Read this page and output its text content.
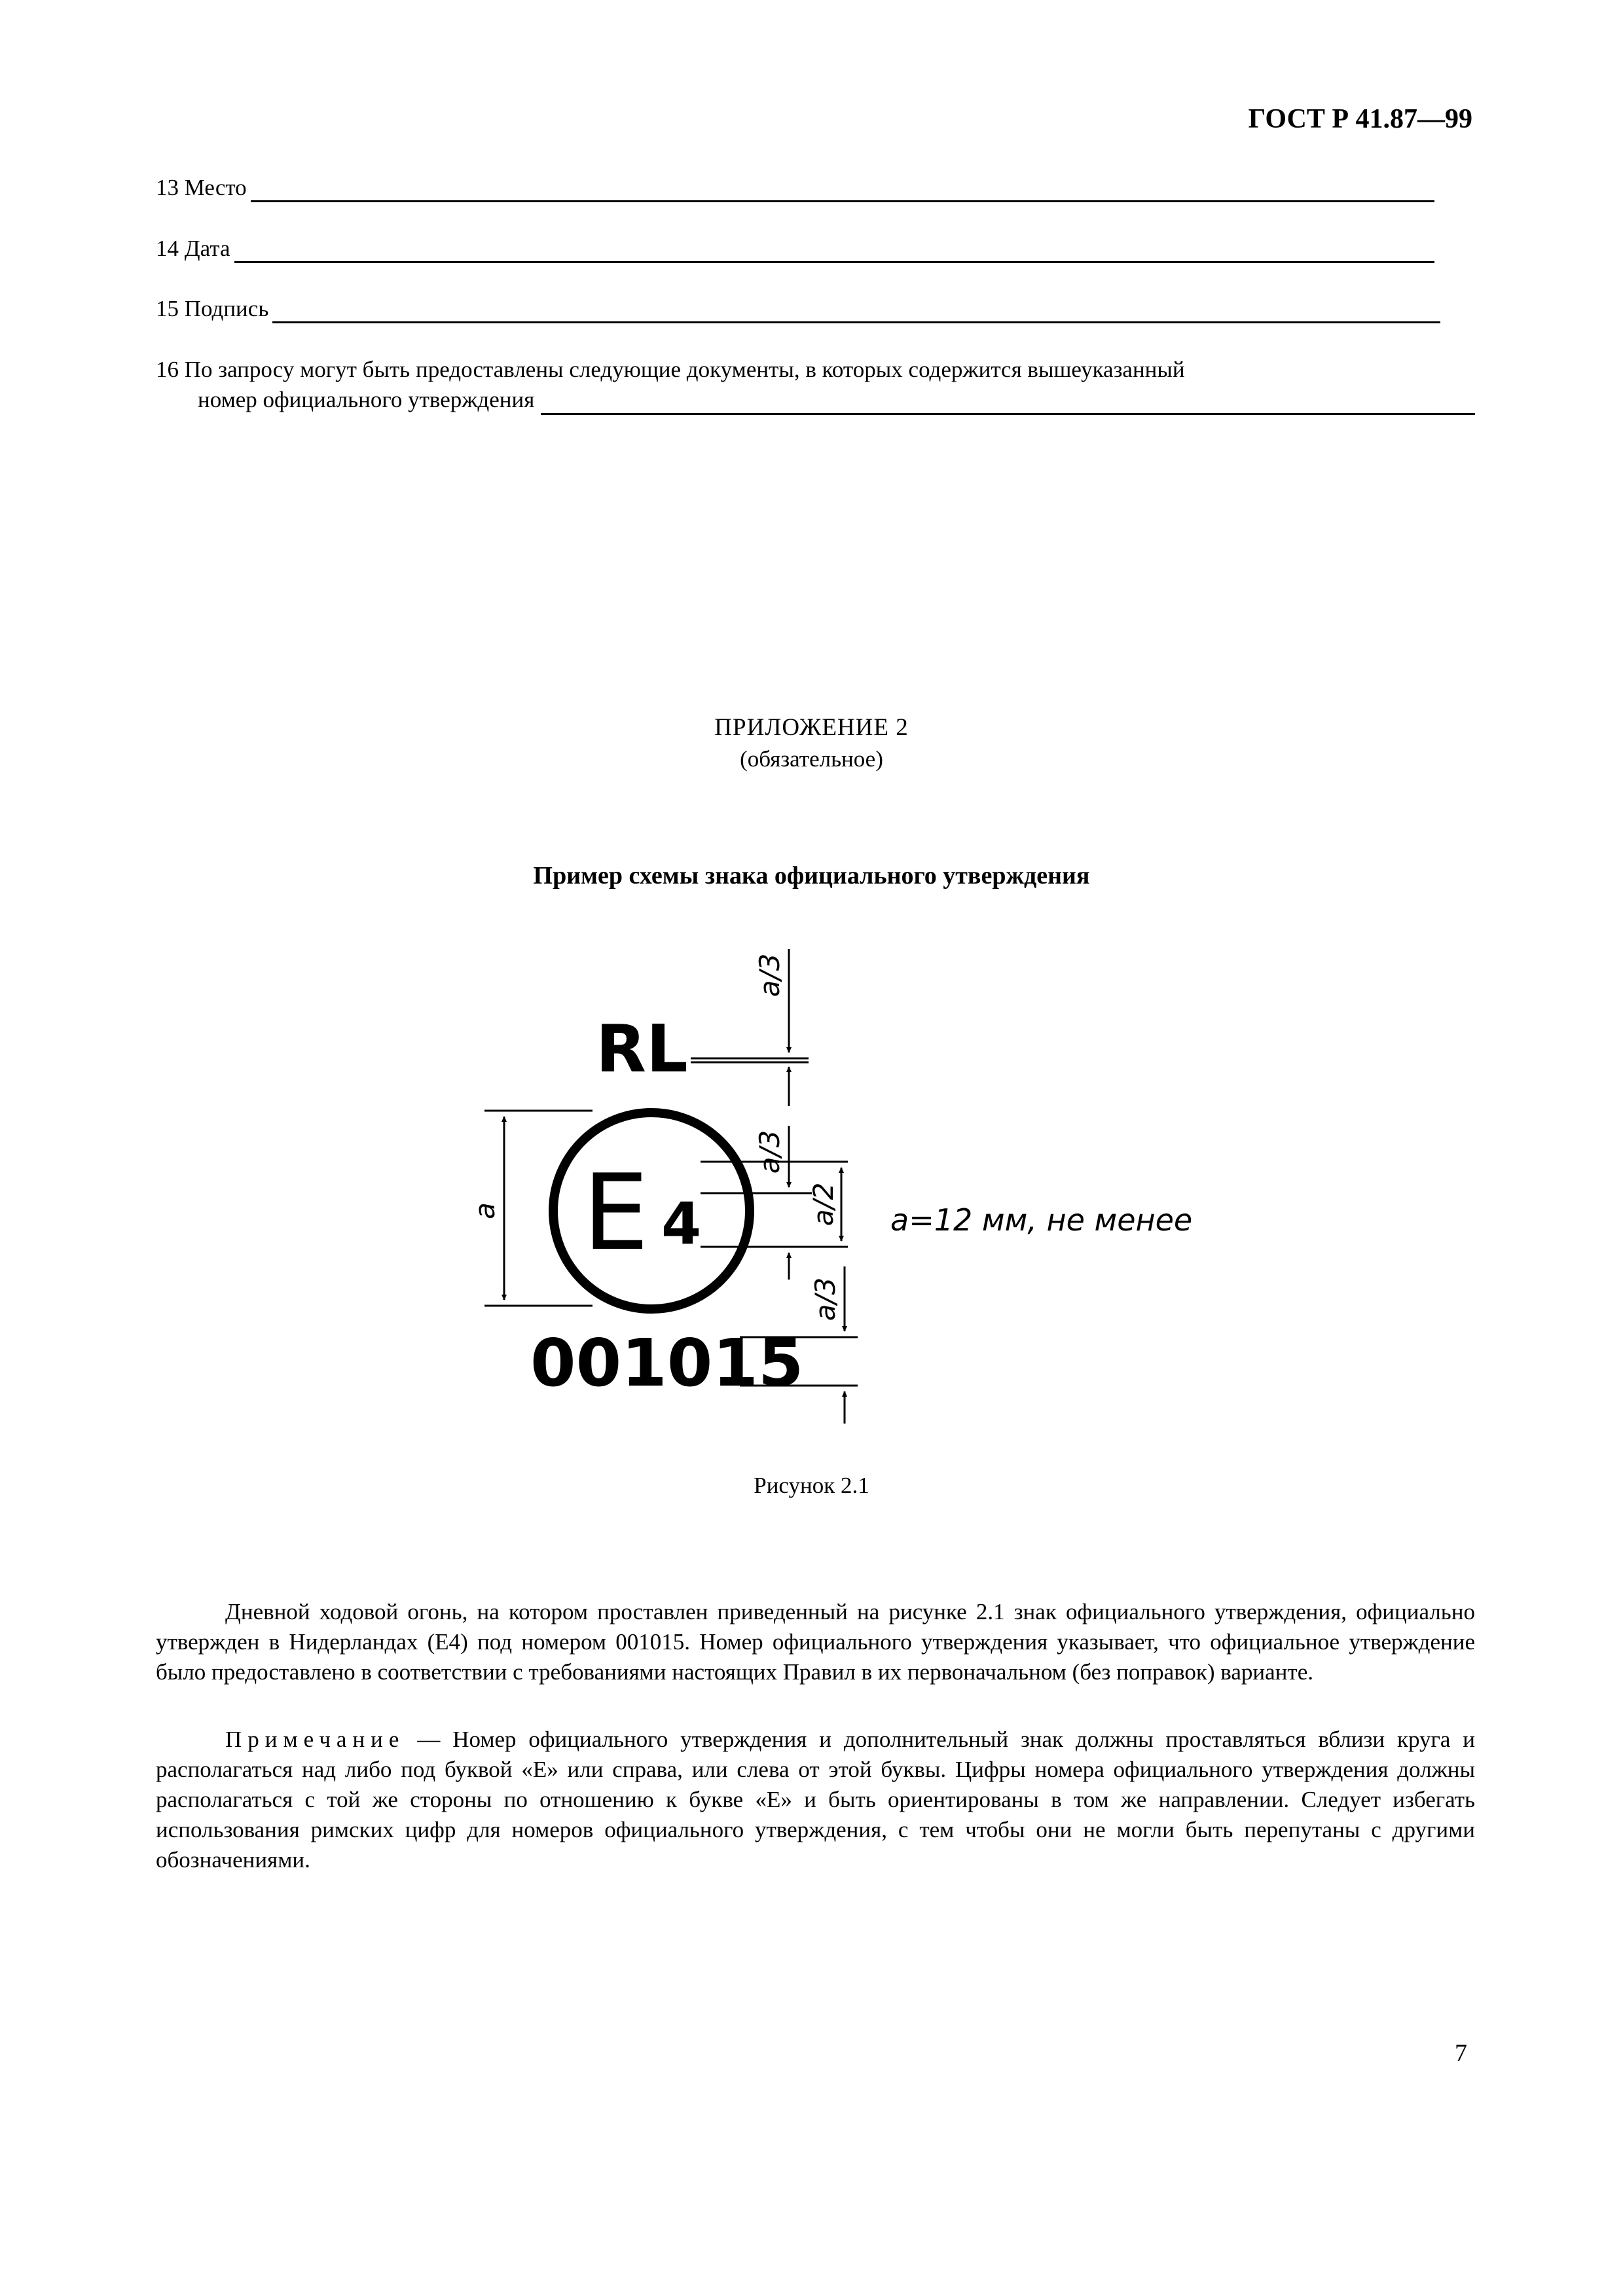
ГОСТ Р 41.87—99
13
Место
14
Дата
15
Подпись
16 По запросу могут быть предоставлены следующие документы, в которых содержится вышеуказанный
номер официального утверждения
ПРИЛОЖЕНИЕ 2
(обязательное)
Пример схемы знака официального утверждения
RL
E 4
001015
a=12 мм, не менее
a
a/3
a/3
a/2
a/3
Рисунок 2.1
Дневной ходовой огонь, на котором проставлен приведенный на рисунке 2.1 знак официального утверждения, официально утвержден в Нидерландах (E4) под номером 001015. Номер официального утверждения указывает, что официальное утверждение было предоставлено в соответствии с требованиями настоящих Правил в их первоначальном (без поправок) варианте.
Примечание — Номер официального утверждения и дополнительный знак должны проставляться вблизи круга и располагаться над либо под буквой «E» или справа, или слева от этой буквы. Цифры номера официального утверждения должны располагаться с той же стороны по отношению к букве «E» и быть ориентированы в том же направлении. Следует избегать использования римских цифр для номеров официального утверждения, с тем чтобы они не могли быть перепутаны с другими обозначениями.
7
